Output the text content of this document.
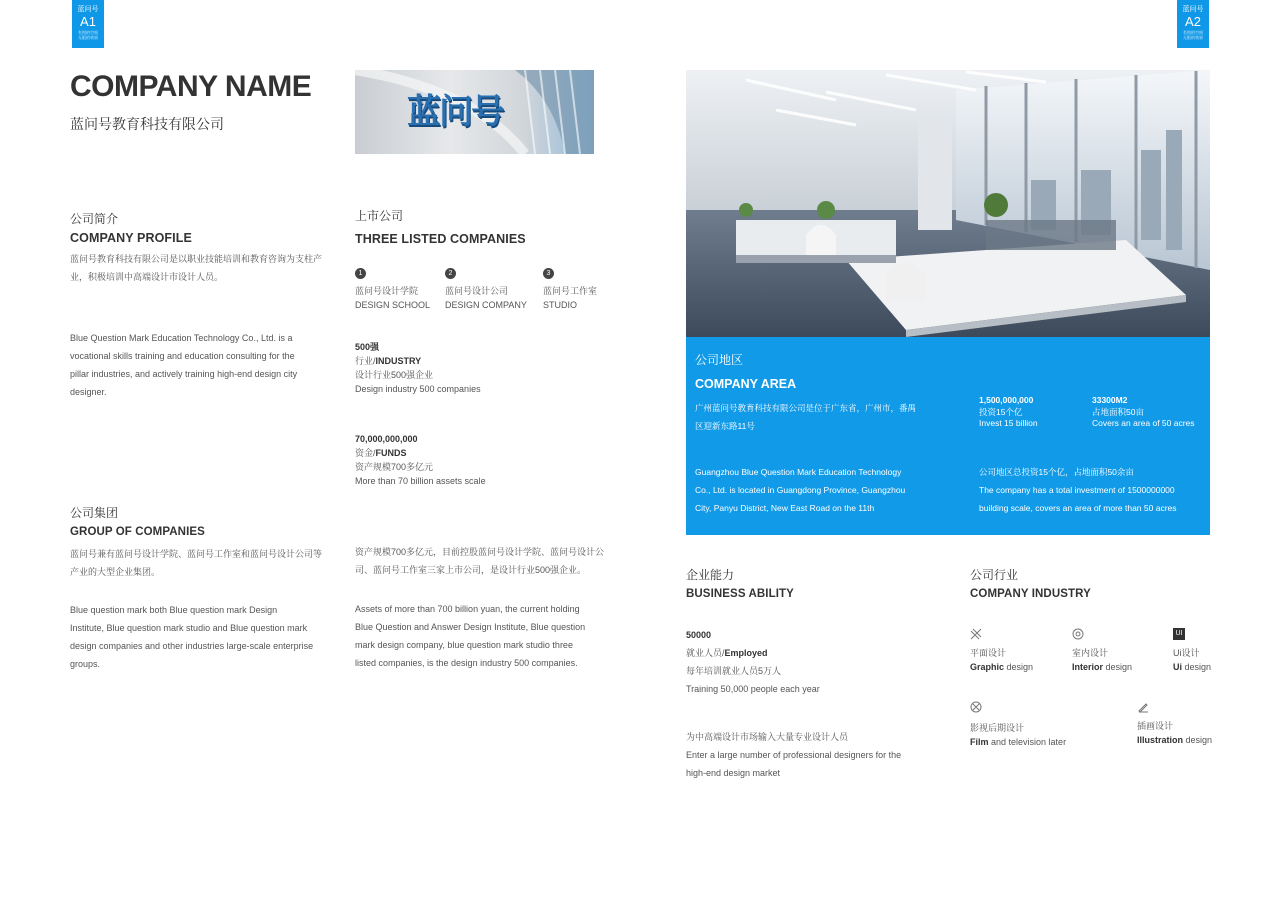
蓝问号
A1
有图的空间
无限的效果
蓝问号
A2
有图的空间
无限的效果
COMPANY NAME
蓝问号教育科技有限公司	蓝问号
公司简介
COMPANY PROFILE
蓝问号教育科技有限公司是以职业技能培训和教育咨询为支柱产
业，积极培训中高端设计市设计人员。
Blue Question Mark Education Technology Co., Ltd. is a
vocational skills training and education consulting for the
pillar industries, and actively training high-end design city
designer.
上市公司
THREE LISTED COMPANIES
1
蓝问号设计学院
DESIGN SCHOOL
2
蓝问号设计公司
DESIGN COMPANY
3
蓝问号工作室
STUDIO
500强
行业/INDUSTRY
设计行业500强企业
Design industry 500 companies
70,000,000,000
资金/FUNDS
资产规模700多亿元
More than 70 billion assets scale
公司集团
GROUP OF COMPANIES
蓝问号兼有蓝问号设计学院、蓝问号工作室和蓝问号设计公司等
产业的大型企业集团。
Blue question mark both Blue question mark Design
Institute, Blue question mark studio and Blue question mark
design companies and other industries large-scale enterprise
groups.
资产规模700多亿元，目前控股蓝问号设计学院、蓝问号设计公
司、蓝问号工作室三家上市公司，是设计行业500强企业。
Assets of more than 700 billion yuan, the current holding
Blue Question and Answer Design Institute, Blue question
mark design company, blue question mark studio three
listed companies, is the design industry 500 companies.
公司地区
COMPANY AREA
广州蓝问号教育科技有限公司是位于广东省，广州市，番禺
区迎新东路11号
Guangzhou Blue Question Mark Education Technology
Co., Ltd. is located in Guangdong Province, Guangzhou
City, Panyu District, New East Road on the 11th
1,500,000,000
投资15个亿
Invest 15 billion
33300M2
占地面积50亩
Covers an area of 50 acres
公司地区总投资15个亿，占地面积50余亩
The company has a total investment of 1500000000
building scale, covers an area of more than 50 acres
企业能力
BUSINESS ABILITY
50000
就业人员/Employed
每年培训就业人员5万人
Training 50,000 people each year
为中高端设计市场输入大量专业设计人员
Enter a large number of professional designers for the
high-end design market
公司行业
COMPANY INDUSTRY
平面设计
Graphic design
室内设计
Interior design
UI
Ui设计
Ui design
影视后期设计
Film and television later
插画设计
Illustration design
